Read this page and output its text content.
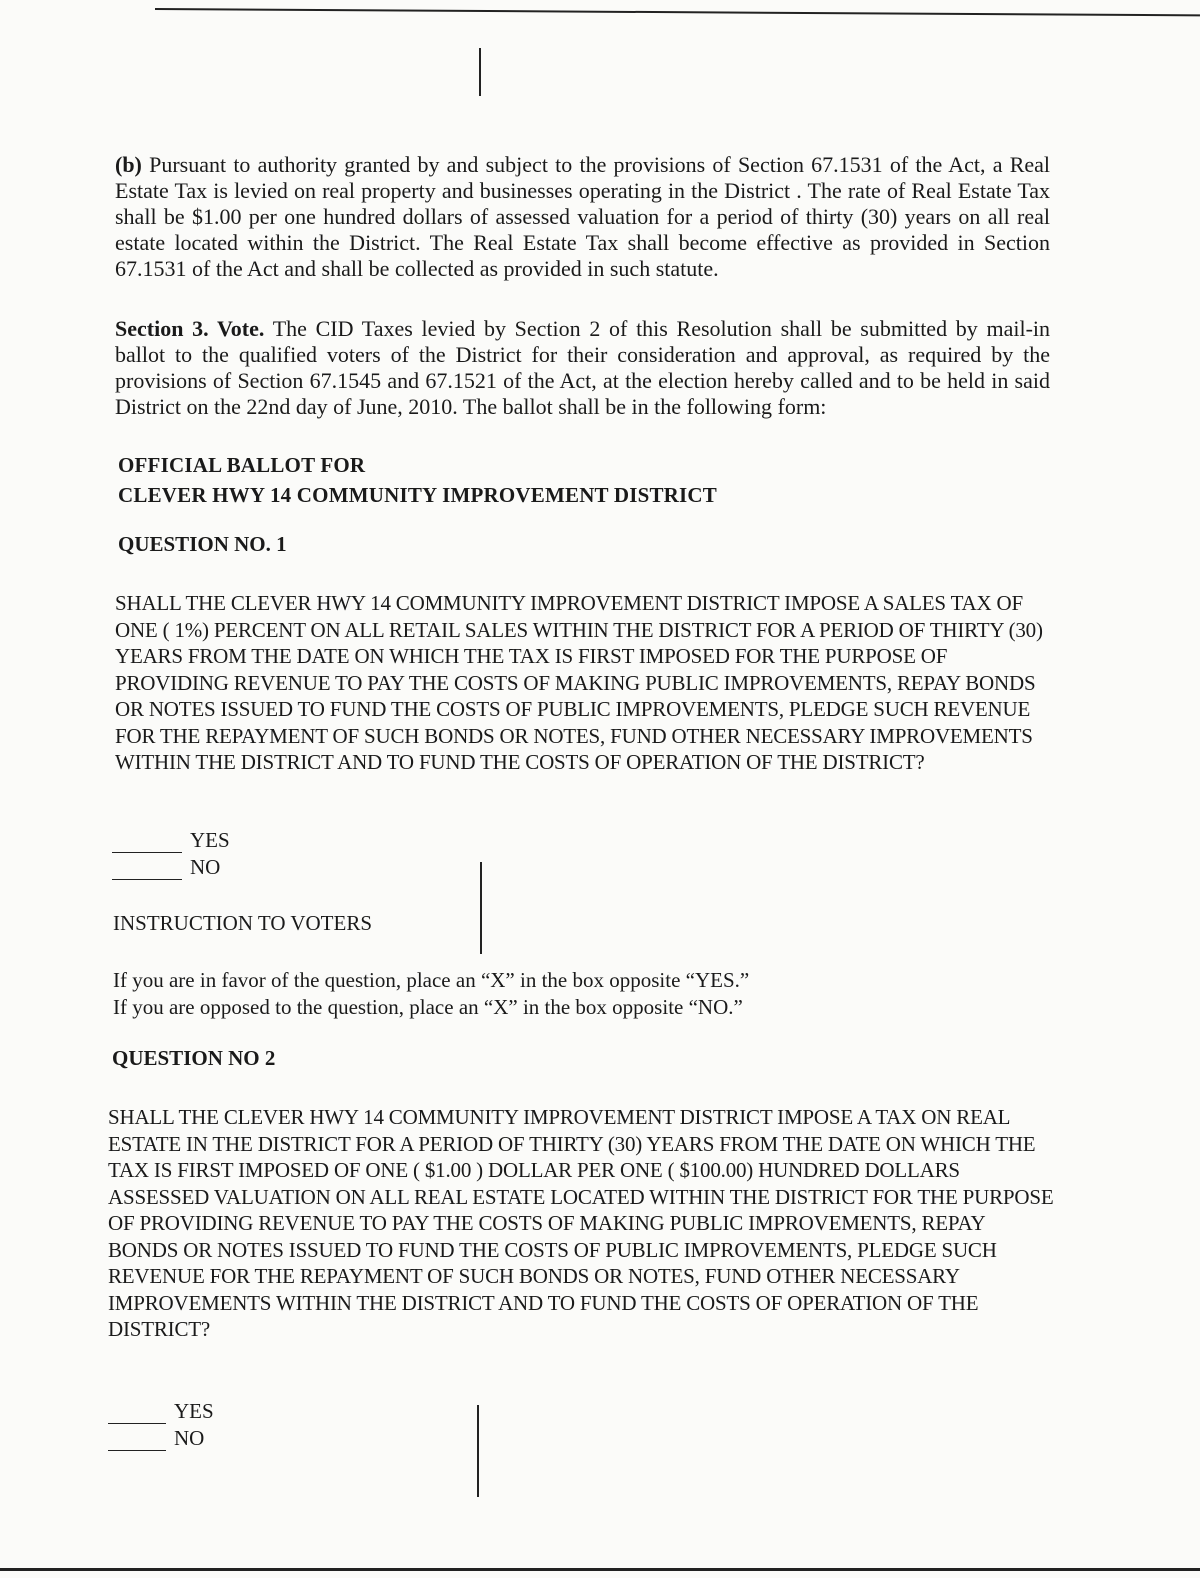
(b) Pursuant to authority granted by and subject to the provisions of Section 67.1531 of the Act, a Real Estate Tax is levied on real property and businesses operating in the District . The rate of Real Estate Tax shall be $1.00 per one hundred dollars of assessed valuation for a period of thirty (30) years on all real estate located within the District. The Real Estate Tax shall become effective as provided in Section 67.1531 of the Act and shall be collected as provided in such statute.
Section 3. Vote. The CID Taxes levied by Section 2 of this Resolution shall be submitted by mail-in ballot to the qualified voters of the District for their consideration and approval, as required by the provisions of Section 67.1545 and 67.1521 of the Act, at the election hereby called and to be held in said District on the 22nd day of June, 2010. The ballot shall be in the following form:
OFFICIAL BALLOT FOR
CLEVER HWY 14 COMMUNITY IMPROVEMENT DISTRICT
QUESTION NO. 1
SHALL THE CLEVER HWY 14 COMMUNITY IMPROVEMENT DISTRICT IMPOSE A SALES TAX OF ONE ( 1%) PERCENT ON ALL RETAIL SALES WITHIN THE DISTRICT FOR A PERIOD OF THIRTY (30) YEARS FROM THE DATE ON WHICH THE TAX IS FIRST IMPOSED FOR THE PURPOSE OF PROVIDING REVENUE TO PAY THE COSTS OF MAKING PUBLIC IMPROVEMENTS, REPAY BONDS OR NOTES ISSUED TO FUND THE COSTS OF PUBLIC IMPROVEMENTS, PLEDGE SUCH REVENUE FOR THE REPAYMENT OF SUCH BONDS OR NOTES, FUND OTHER NECESSARY IMPROVEMENTS WITHIN THE DISTRICT AND TO FUND THE COSTS OF OPERATION OF THE DISTRICT?
YES
NO
INSTRUCTION TO VOTERS
If you are in favor of the question, place an “X” in the box opposite “YES.”
If you are opposed to the question, place an “X” in the box opposite “NO.”
QUESTION NO 2
SHALL THE CLEVER HWY 14 COMMUNITY IMPROVEMENT DISTRICT IMPOSE A TAX ON REAL ESTATE IN THE DISTRICT FOR A PERIOD OF THIRTY (30) YEARS FROM THE DATE ON WHICH THE TAX IS FIRST IMPOSED OF ONE ( $1.00 ) DOLLAR PER ONE ( $100.00) HUNDRED DOLLARS ASSESSED VALUATION ON ALL REAL ESTATE LOCATED WITHIN THE DISTRICT FOR THE PURPOSE OF PROVIDING REVENUE TO PAY THE COSTS OF MAKING PUBLIC IMPROVEMENTS, REPAY BONDS OR NOTES ISSUED TO FUND THE COSTS OF PUBLIC IMPROVEMENTS, PLEDGE SUCH REVENUE FOR THE REPAYMENT OF SUCH BONDS OR NOTES, FUND OTHER NECESSARY IMPROVEMENTS WITHIN THE DISTRICT AND TO FUND THE COSTS OF OPERATION OF THE DISTRICT?
YES
NO
